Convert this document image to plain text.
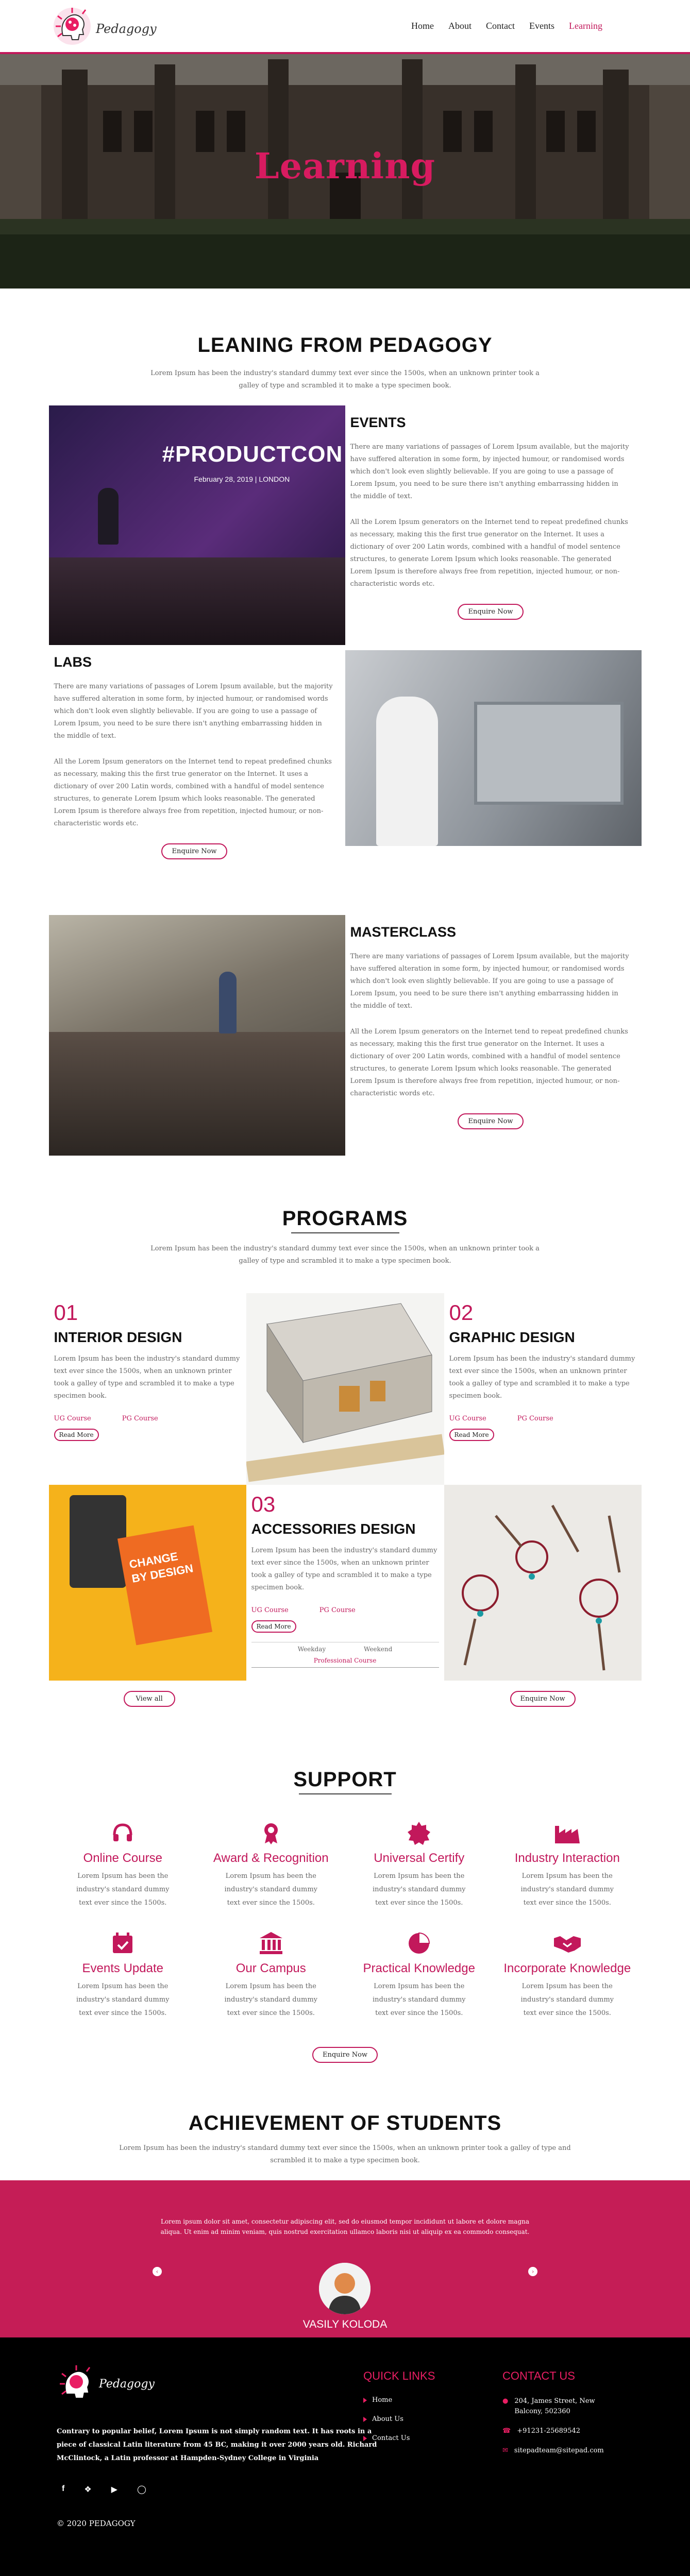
Pedagogy	Home About Contact Events Learning
Learning
LEANING FROM PEDAGOGY

Lorem Ipsum has been the industry's standard dummy text ever since the 1500s, when an unknown printer took a galley of type and scrambled it to make a type specimen book.

#PRODUCTCON
February 28, 2019 | LONDON
EVENTS

There are many variations of passages of Lorem Ipsum available, but the majority have suffered alteration in some form, by injected humour, or randomised words which don't look even slightly believable. If you are going to use a passage of Lorem Ipsum, you need to be sure there isn't anything embarrassing hidden in the middle of text.

All the Lorem Ipsum generators on the Internet tend to repeat predefined chunks as necessary, making this the first true generator on the Internet. It uses a dictionary of over 200 Latin words, combined with a handful of model sentence structures, to generate Lorem Ipsum which looks reasonable. The generated Lorem Ipsum is therefore always free from repetition, injected humour, or non-characteristic words etc.

Enquire Now
LABS

There are many variations of passages of Lorem Ipsum available, but the majority have suffered alteration in some form, by injected humour, or randomised words which don't look even slightly believable. If you are going to use a passage of Lorem Ipsum, you need to be sure there isn't anything embarrassing hidden in the middle of text.

All the Lorem Ipsum generators on the Internet tend to repeat predefined chunks as necessary, making this the first true generator on the Internet. It uses a dictionary of over 200 Latin words, combined with a handful of model sentence structures, to generate Lorem Ipsum which looks reasonable. The generated Lorem Ipsum is therefore always free from repetition, injected humour, or non-characteristic words etc.

Enquire Now
MASTERCLASS

There are many variations of passages of Lorem Ipsum available, but the majority have suffered alteration in some form, by injected humour, or randomised words which don't look even slightly believable. If you are going to use a passage of Lorem Ipsum, you need to be sure there isn't anything embarrassing hidden in the middle of text.

All the Lorem Ipsum generators on the Internet tend to repeat predefined chunks as necessary, making this the first true generator on the Internet. It uses a dictionary of over 200 Latin words, combined with a handful of model sentence structures, to generate Lorem Ipsum which looks reasonable. The generated Lorem Ipsum is therefore always free from repetition, injected humour, or non-characteristic words etc.

Enquire Now
PROGRAMS

Lorem Ipsum has been the industry's standard dummy text ever since the 1500s, when an unknown printer took a galley of type and scrambled it to make a type specimen book.

01
INTERIOR DESIGN

Lorem Ipsum has been the industry's standard dummy text ever since the 1500s, when an unknown printer took a galley of type and scrambled it to make a type specimen book.

UG Course	PG Course
Read More
02
GRAPHIC DESIGN

Lorem Ipsum has been the industry's standard dummy text ever since the 1500s, when an unknown printer took a galley of type and scrambled it to make a type specimen book.

UG Course	PG Course
Read More
CHANGE BY DESIGN
03
ACCESSORIES DESIGN

Lorem Ipsum has been the industry's standard dummy text ever since the 1500s, when an unknown printer took a galley of type and scrambled it to make a type specimen book.

UG Course	PG Course
Read More
Weekday	Weekend
Professional Course
View all	Enquire Now
SUPPORT
Online Course

Lorem Ipsum has been the industry's standard dummy text ever since the 1500s.

Award & Recognition

Lorem Ipsum has been the industry's standard dummy text ever since the 1500s.

Universal Certify

Lorem Ipsum has been the industry's standard dummy text ever since the 1500s.

Industry Interaction

Lorem Ipsum has been the industry's standard dummy text ever since the 1500s.

Events Update

Lorem Ipsum has been the industry's standard dummy text ever since the 1500s.

Our Campus

Lorem Ipsum has been the industry's standard dummy text ever since the 1500s.

Practical Knowledge

Lorem Ipsum has been the industry's standard dummy text ever since the 1500s.

Incorporate Knowledge

Lorem Ipsum has been the industry's standard dummy text ever since the 1500s.

Enquire Now
ACHIEVEMENT OF STUDENTS

Lorem Ipsum has been the industry's standard dummy text ever since the 1500s, when an unknown printer took a galley of type and scrambled it to make a type specimen book.

Lorem ipsum dolor sit amet, consectetur adipiscing elit, sed do eiusmod tempor incididunt ut labore et dolore magna aliqua. Ut enim ad minim veniam, quis nostrud exercitation ullamco laboris nisi ut aliquip ex ea commodo consequat.

‹	›
VASILY KOLODA
Pedagogy

Contrary to popular belief, Lorem Ipsum is not simply random text. It has roots in a piece of classical Latin literature from 45 BC, making it over 2000 years old. Richard McClintock, a Latin professor at Hampden-Sydney College in Virginia

f ❖ ▶ ◯
QUICK LINKS
Home
About Us
Contact Us
CONTACT US
● 204, James Street, New Balcony, 502360
☎ +91231-25689542
✉ sitepadteam@sitepad.com
© 2020 PEDAGOGY
